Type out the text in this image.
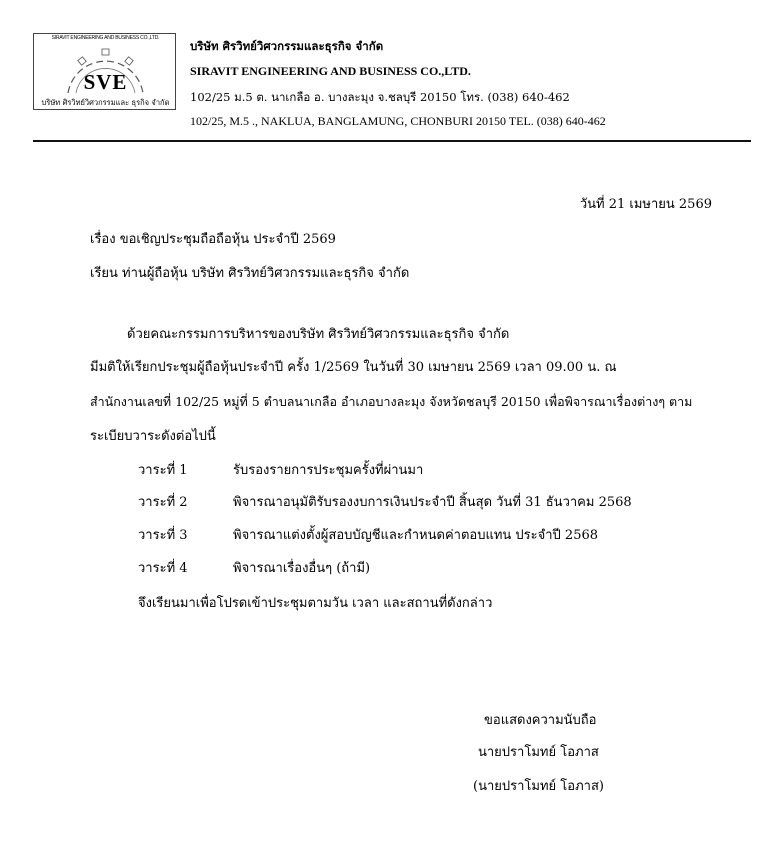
SIRAVIT ENGINEERING AND BUSINESS CO.,LTD.
SVE
บริษัท ศิรวิทย์วิศวกรรมและ ธุรกิจ จำกัด
บริษัท ศิรวิทย์วิศวกรรมและธุรกิจ จำกัด
SIRAVIT ENGINEERING AND BUSINESS CO.,LTD.
102/25 ม.5 ต. นาเกลือ อ. บางละมุง จ.ชลบุรี 20150 โทร. (038) 640-462
102/25, M.5 ., NAKLUA, BANGLAMUNG, CHONBURI 20150 TEL. (038) 640-462
วันที่ 21 เมษายน 2569
เรื่อง ขอเชิญประชุมถือถือหุ้น ประจำปี 2569
เรียน ท่านผู้ถือหุ้น บริษัท ศิรวิทย์วิศวกรรมและธุรกิจ จำกัด
ด้วยคณะกรรมการบริหารของบริษัท ศิรวิทย์วิศวกรรมและธุรกิจ จำกัด
มีมติให้เรียกประชุมผู้ถือหุ้นประจำปี ครั้ง 1/2569 ในวันที่ 30 เมษายน 2569 เวลา 09.00 น. ณ
สำนักงานเลขที่ 102/25 หมู่ที่ 5 ตำบลนาเกลือ อำเภอบางละมุง จังหวัดชลบุรี 20150 เพื่อพิจารณาเรื่องต่างๆ ตาม
ระเบียบวาระดังต่อไปนี้
วาระที่ 1	รับรองรายการประชุมครั้งที่ผ่านมา
วาระที่ 2	พิจารณาอนุมัติรับรองงบการเงินประจำปี สิ้นสุด วันที่ 31 ธันวาคม 2568
วาระที่ 3	พิจารณาแต่งตั้งผู้สอบบัญชีและกำหนดค่าตอบแทน ประจำปี 2568
วาระที่ 4	พิจารณาเรื่องอื่นๆ (ถ้ามี)
จึงเรียนมาเพื่อโปรดเข้าประชุมตามวัน เวลา และสถานที่ดังกล่าว
ขอแสดงความนับถือ
นายปราโมทย์ โอภาส
(นายปราโมทย์ โอภาส)
